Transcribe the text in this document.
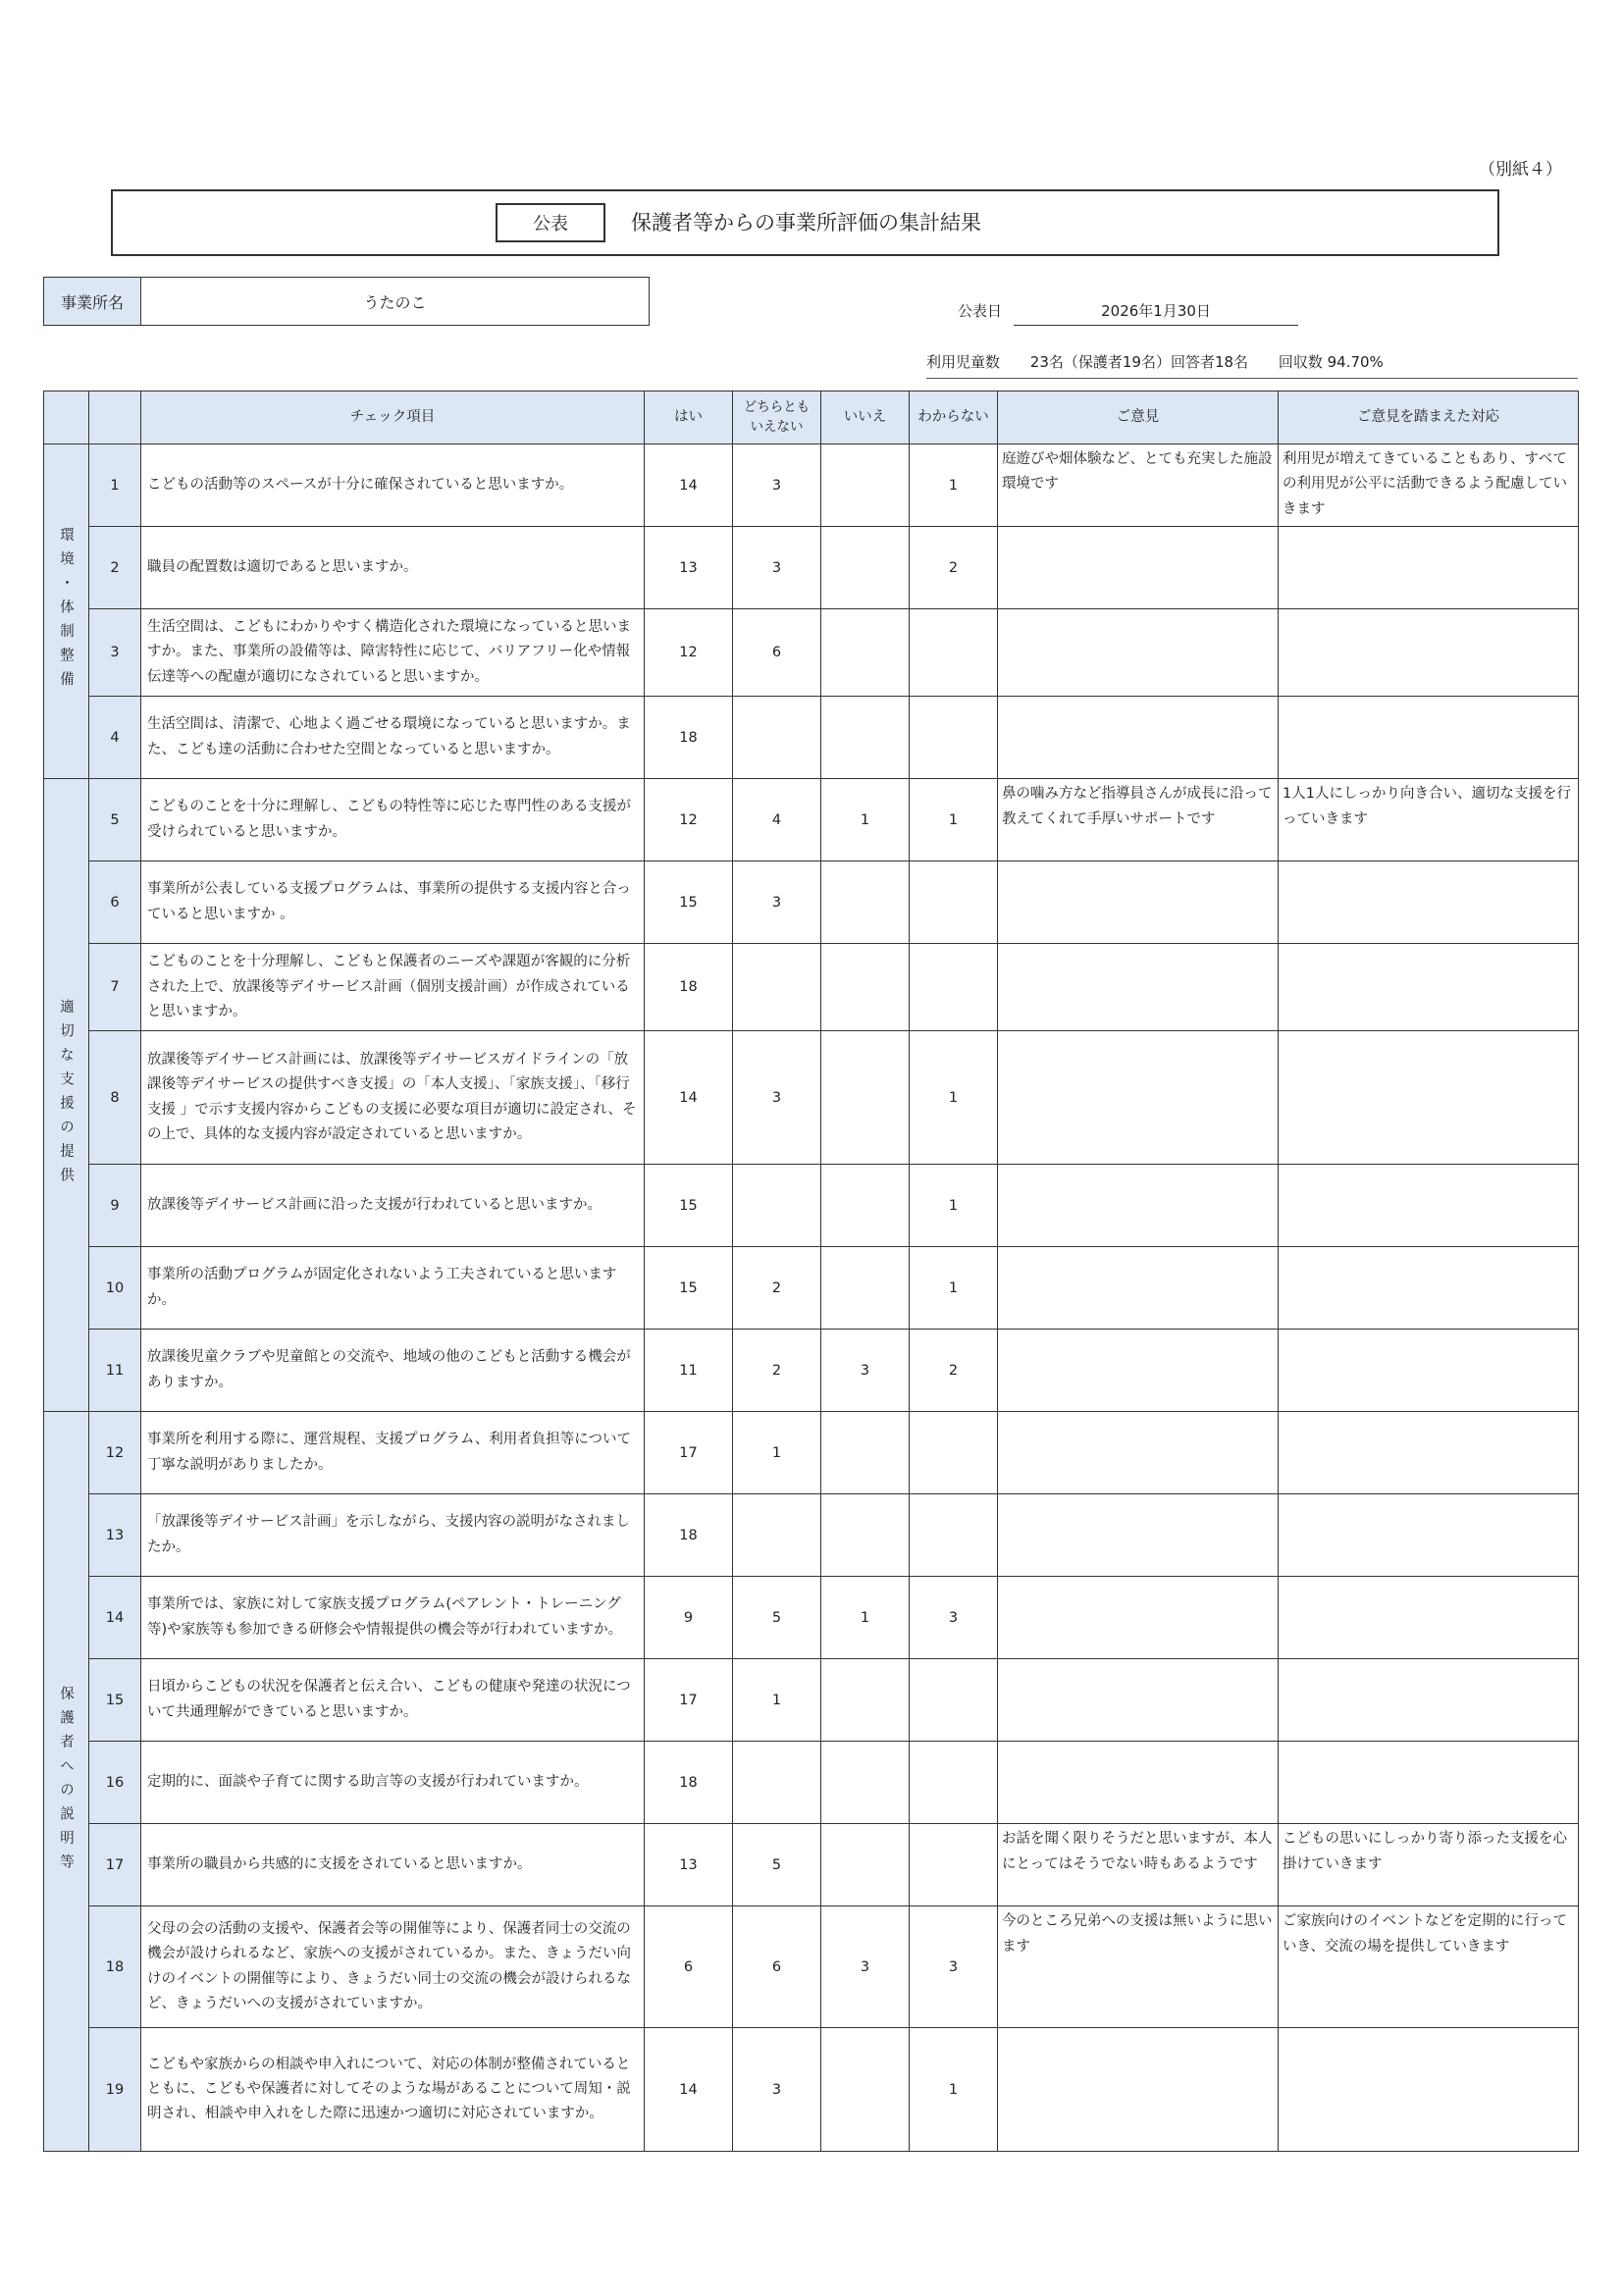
（別紙４）
公表	保護者等からの事業所評価の集計結果
事業所名	うたのこ	公表日	2026年1月30日
利用児童数 23名（保護者19名）回答者18名 回収数 94.70%
		チェック項目	はい	どちらとも
いえない	いいえ	わからない	ご意見	ご意見を踏まえた対応
環境・体制整備	1	こどもの活動等のスペースが十分に確保されていると思いますか。	14	3		1	庭遊びや畑体験など、とても充実した施設環境です	利用児が増えてきていることもあり、すべての利用児が公平に活動できるよう配慮していきます
	2	職員の配置数は適切であると思いますか。	13	3		2		
	3	生活空間は、こどもにわかりやすく構造化された環境になっていると思いますか。また、事業所の設備等は、障害特性に応じて、バリアフリー化や情報伝達等への配慮が適切になされていると思いますか。	12	6				
	4	生活空間は、清潔で、心地よく過ごせる環境になっていると思いますか。また、こども達の活動に合わせた空間となっていると思いますか。	18					
適切な支援の提供	5	こどものことを十分に理解し、こどもの特性等に応じた専門性のある支援が受けられていると思いますか。	12	4	1	1	鼻の噛み方など指導員さんが成長に沿って教えてくれて手厚いサポートです	1人1人にしっかり向き合い、適切な支援を行っていきます
	6	事業所が公表している支援プログラムは、事業所の提供する支援内容と合っていると思いますか 。	15	3				
	7	こどものことを十分理解し、こどもと保護者のニーズや課題が客観的に分析された上で、放課後等デイサービス計画（個別支援計画）が作成されていると思いますか。	18					
	8	放課後等デイサービス計画には、放課後等デイサービスガイドラインの「放課後等デイサービスの提供すべき支援」の「本人支援」、「家族支援」、「移行支援 」で示す支援内容からこどもの支援に必要な項目が適切に設定され、その上で、具体的な支援内容が設定されていると思いますか。	14	3		1		
	9	放課後等デイサービス計画に沿った支援が行われていると思いますか。	15			1		
	10	事業所の活動プログラムが固定化されないよう工夫されていると思いますか。	15	2		1		
	11	放課後児童クラブや児童館との交流や、地域の他のこどもと活動する機会がありますか。	11	2	3	2		
保護者への説明等	12	事業所を利用する際に、運営規程、支援プログラム、利用者負担等について丁寧な説明がありましたか。	17	1				
	13	「放課後等デイサービス計画」を示しながら、支援内容の説明がなされましたか。	18					
	14	事業所では、家族に対して家族支援プログラム(ペアレント・トレーニング等)や家族等も参加できる研修会や情報提供の機会等が行われていますか。	9	5	1	3		
	15	日頃からこどもの状況を保護者と伝え合い、こどもの健康や発達の状況について共通理解ができていると思いますか。	17	1				
	16	定期的に、面談や子育てに関する助言等の支援が行われていますか。	18					
	17	事業所の職員から共感的に支援をされていると思いますか。	13	5			お話を聞く限りそうだと思いますが、本人にとってはそうでない時もあるようです	こどもの思いにしっかり寄り添った支援を心掛けていきます
	18	父母の会の活動の支援や、保護者会等の開催等により、保護者同士の交流の機会が設けられるなど、家族への支援がされているか。また、きょうだい向けのイベントの開催等により、きょうだい同士の交流の機会が設けられるなど、きょうだいへの支援がされていますか。	6	6	3	3	今のところ兄弟への支援は無いように思います	ご家族向けのイベントなどを定期的に行っていき、交流の場を提供していきます
	19	こどもや家族からの相談や申入れについて、対応の体制が整備されているとともに、こどもや保護者に対してそのような場があることについて周知・説明され、相談や申入れをした際に迅速かつ適切に対応されていますか。	14	3		1		
